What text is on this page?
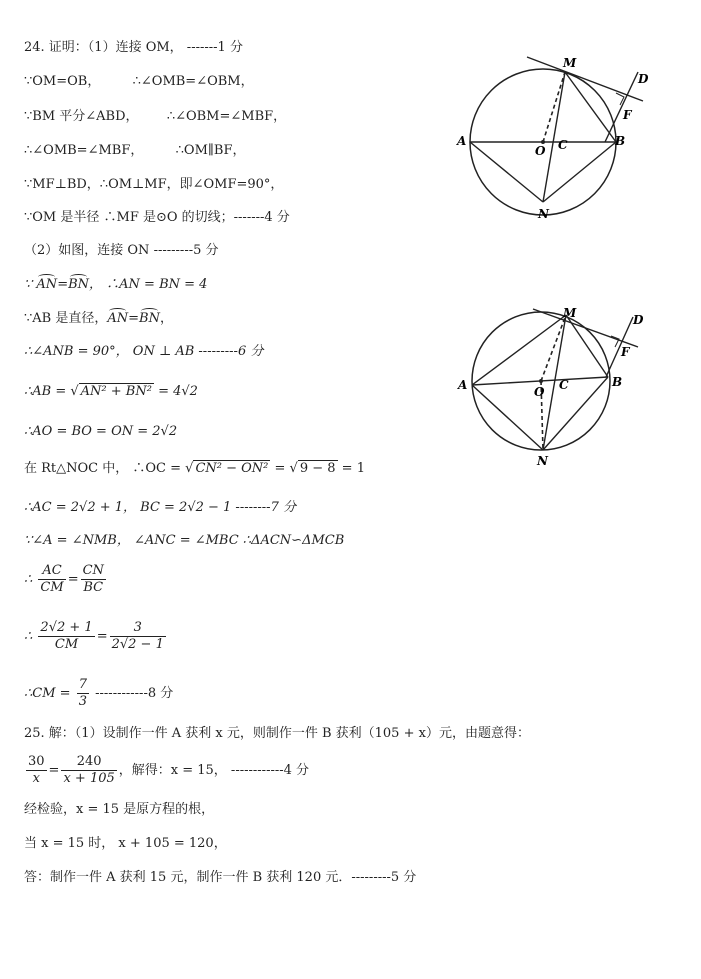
24. 证明：（1）连接 OM， -------1 分
∵OM=OB， ∴∠OMB=∠OBM，
∵BM 平分∠ABD， ∴∠OBM=∠MBF，
∴∠OMB=∠MBF， ∴OM∥BF，
∵MF⊥BD，∴OM⊥MF，即∠OMF=90°，
∵OM 是半径 ∴MF 是⊙O 的切线；-------4 分
（2）如图，连接 ON ---------5 分
∵ AN=BN， ∴AN = BN = 4
∵AB 是直径，AN=BN，
∴∠ANB = 90°， ON ⊥ AB ---------6 分
∴AB = √ AN² + BN² = 4√2
∴AO = BO = ON = 2√2
在 Rt△NOC 中， ∴OC = √ CN² − ON² = √ 9 − 8 = 1
∴AC = 2√2 + 1， BC = 2√2 − 1 --------7 分
∵∠A = ∠NMB， ∠ANC = ∠MBC ∴ΔACN∽ΔMCB
∴ $\frac{AC}{CM} = \frac{CN}{BC}$
∴ $\frac{2√2 + 1}{CM} = \frac{3}{2√2 - 1}$
∴CM = $\frac{7}{3} ------------8$ 分
25. 解：（1）设制作一件 A 获利 x 元，则制作一件 B 获利（105 + x）元，由题意得：
$\frac{30}{x} = \frac{240}{x + 105}$ ，解得：x = 15， ------------4 分
经检验，x = 15 是原方程的根，
当 x = 15 时， x + 105 = 120，
答：制作一件 A 获利 15 元，制作一件 B 获利 120 元．---------5 分
M
D
F
A
O C	B
N
M	D
F
A	O C	B
N
